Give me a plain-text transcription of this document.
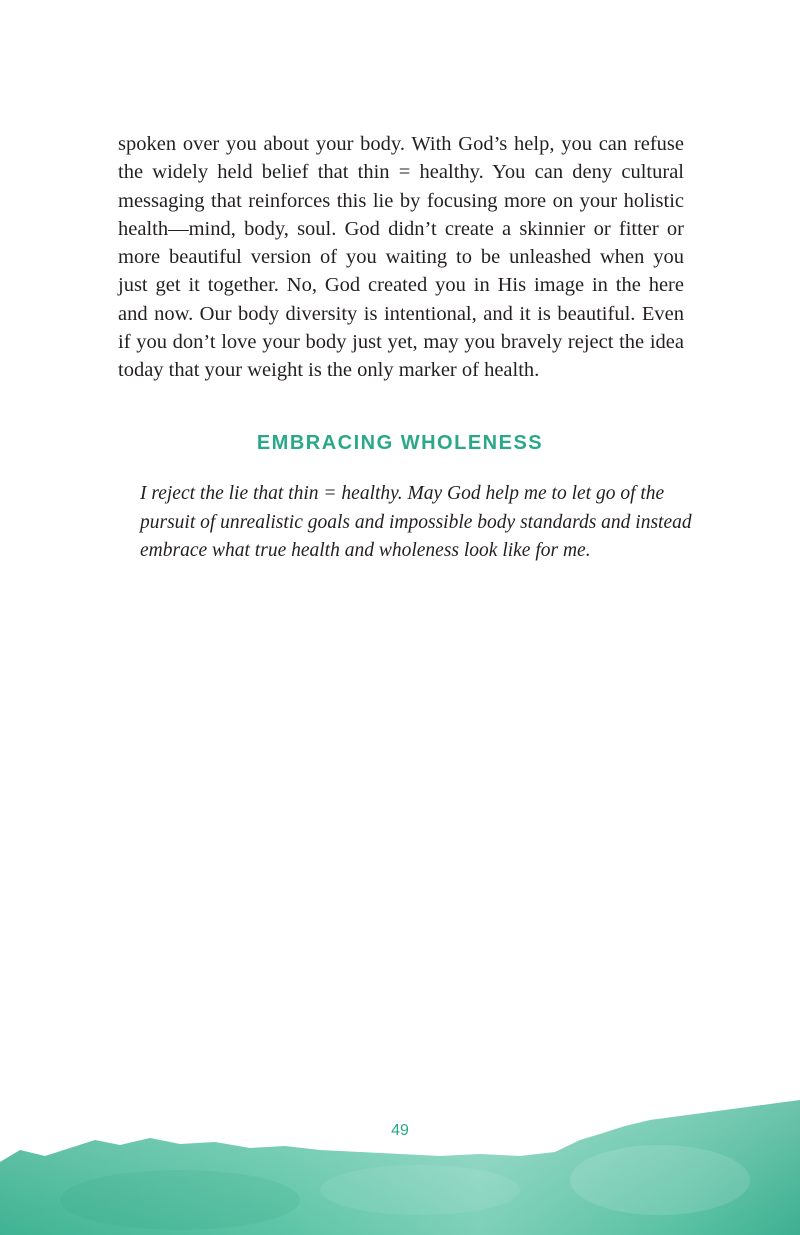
spoken over you about your body. With God’s help, you can refuse
the widely held belief that thin = healthy. You can deny cultural
messaging that reinforces this lie by focusing more on your holistic
health—mind, body, soul. God didn’t create a skinnier or fitter or
more beautiful version of you waiting to be unleashed when you
just get it together. No, God created you in His image in the here
and now. Our body diversity is intentional, and it is beautiful. Even
if you don’t love your body just yet, may you bravely reject the idea
today that your weight is the only marker of health.

EMBRACING WHOLENESS

I reject the lie that thin = healthy. May God help me to let go of the
pursuit of unrealistic goals and impossible body standards and instead
embrace what true health and wholeness look like for me.

49
